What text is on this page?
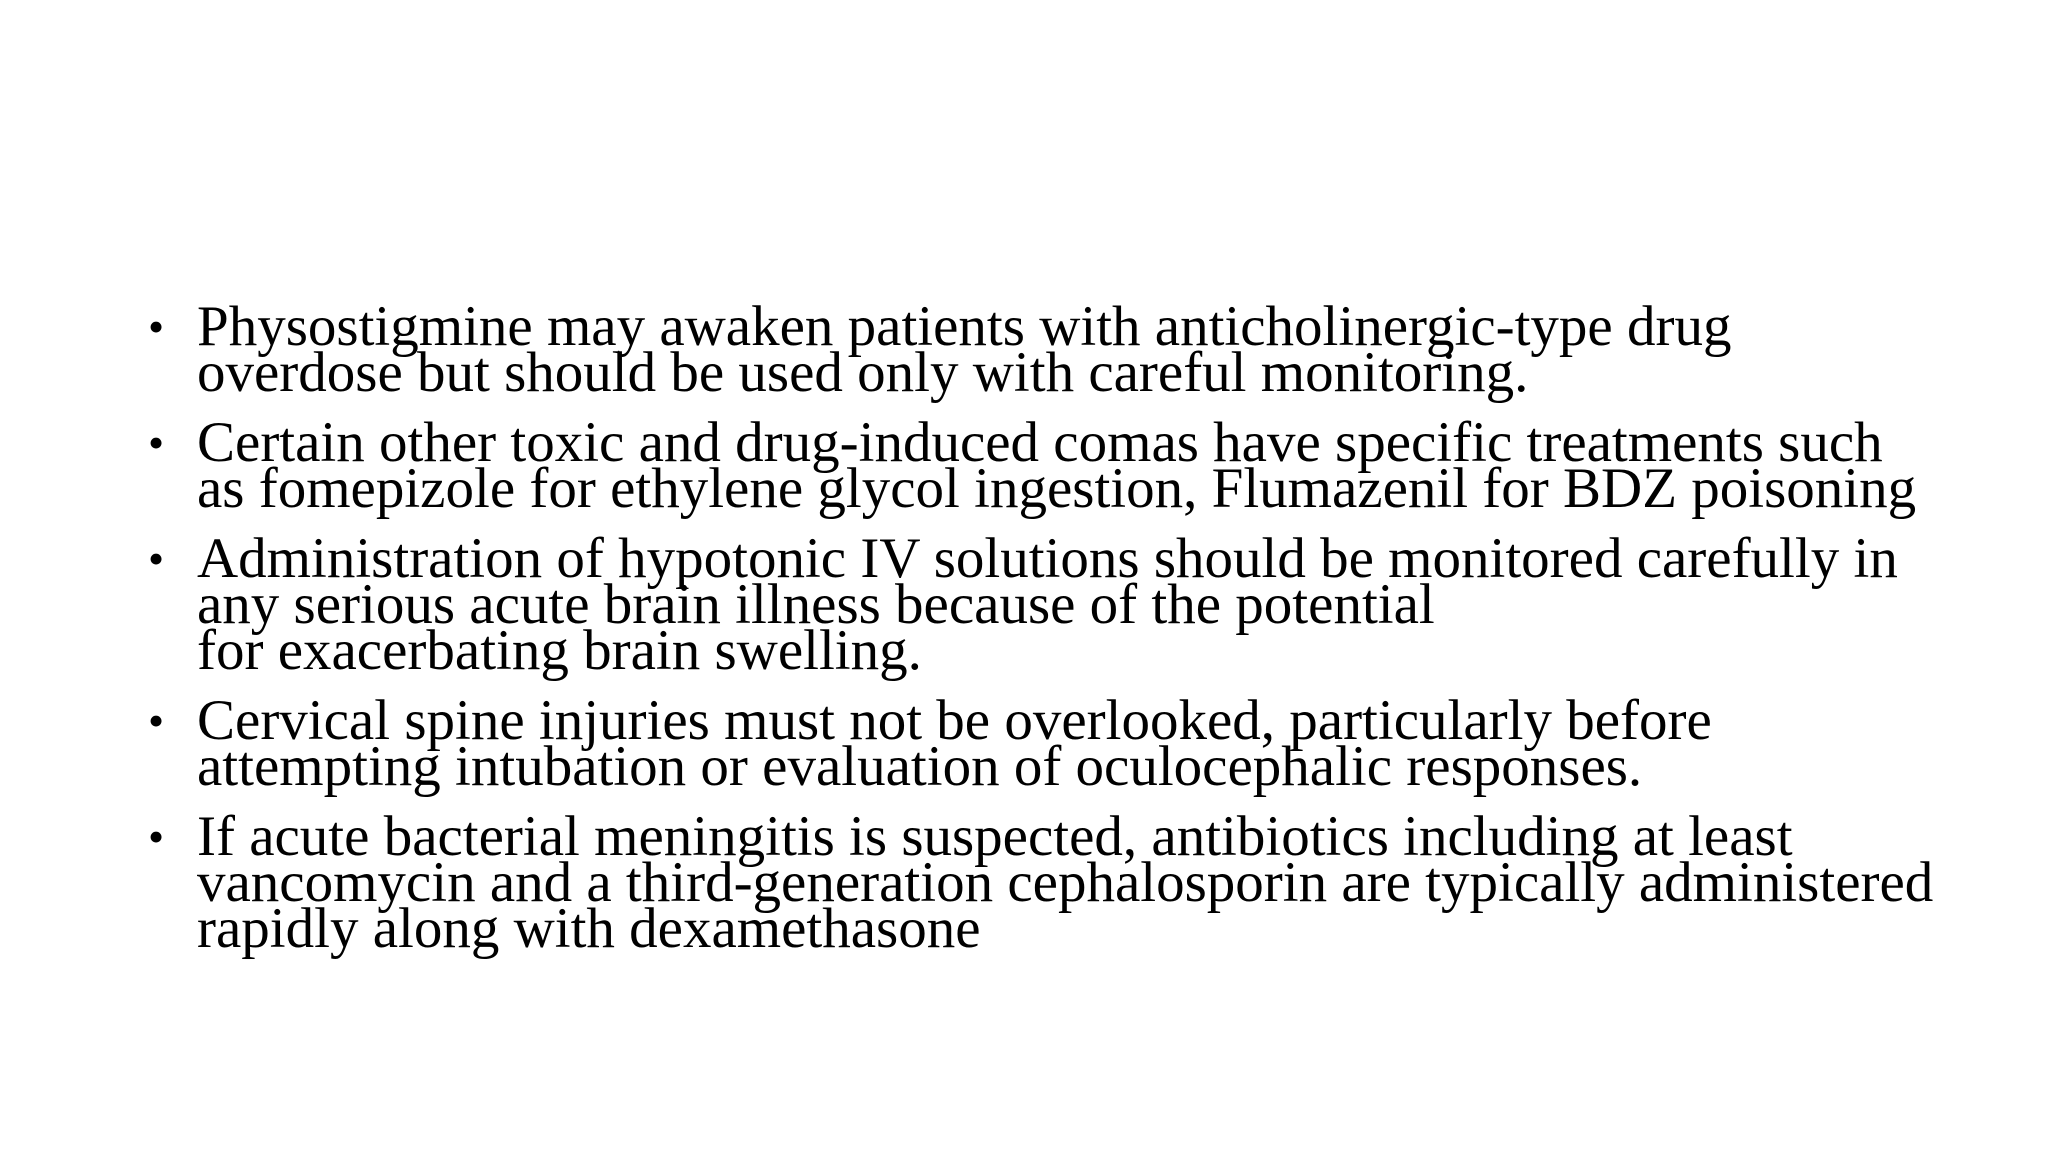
• Physostigmine may awaken patients with anticholinergic-type drug
overdose but should be used only with careful monitoring.
• Certain other toxic and drug-induced comas have specific treatments such
as fomepizole for ethylene glycol ingestion, Flumazenil for BDZ poisoning
• Administration of hypotonic IV solutions should be monitored carefully in
any serious acute brain illness because of the potential
for exacerbating brain swelling.
• Cervical spine injuries must not be overlooked, particularly before
attempting intubation or evaluation of oculocephalic responses.
• If acute bacterial meningitis is suspected, antibiotics including at least
vancomycin and a third-generation cephalosporin are typically administered
rapidly along with dexamethasone
